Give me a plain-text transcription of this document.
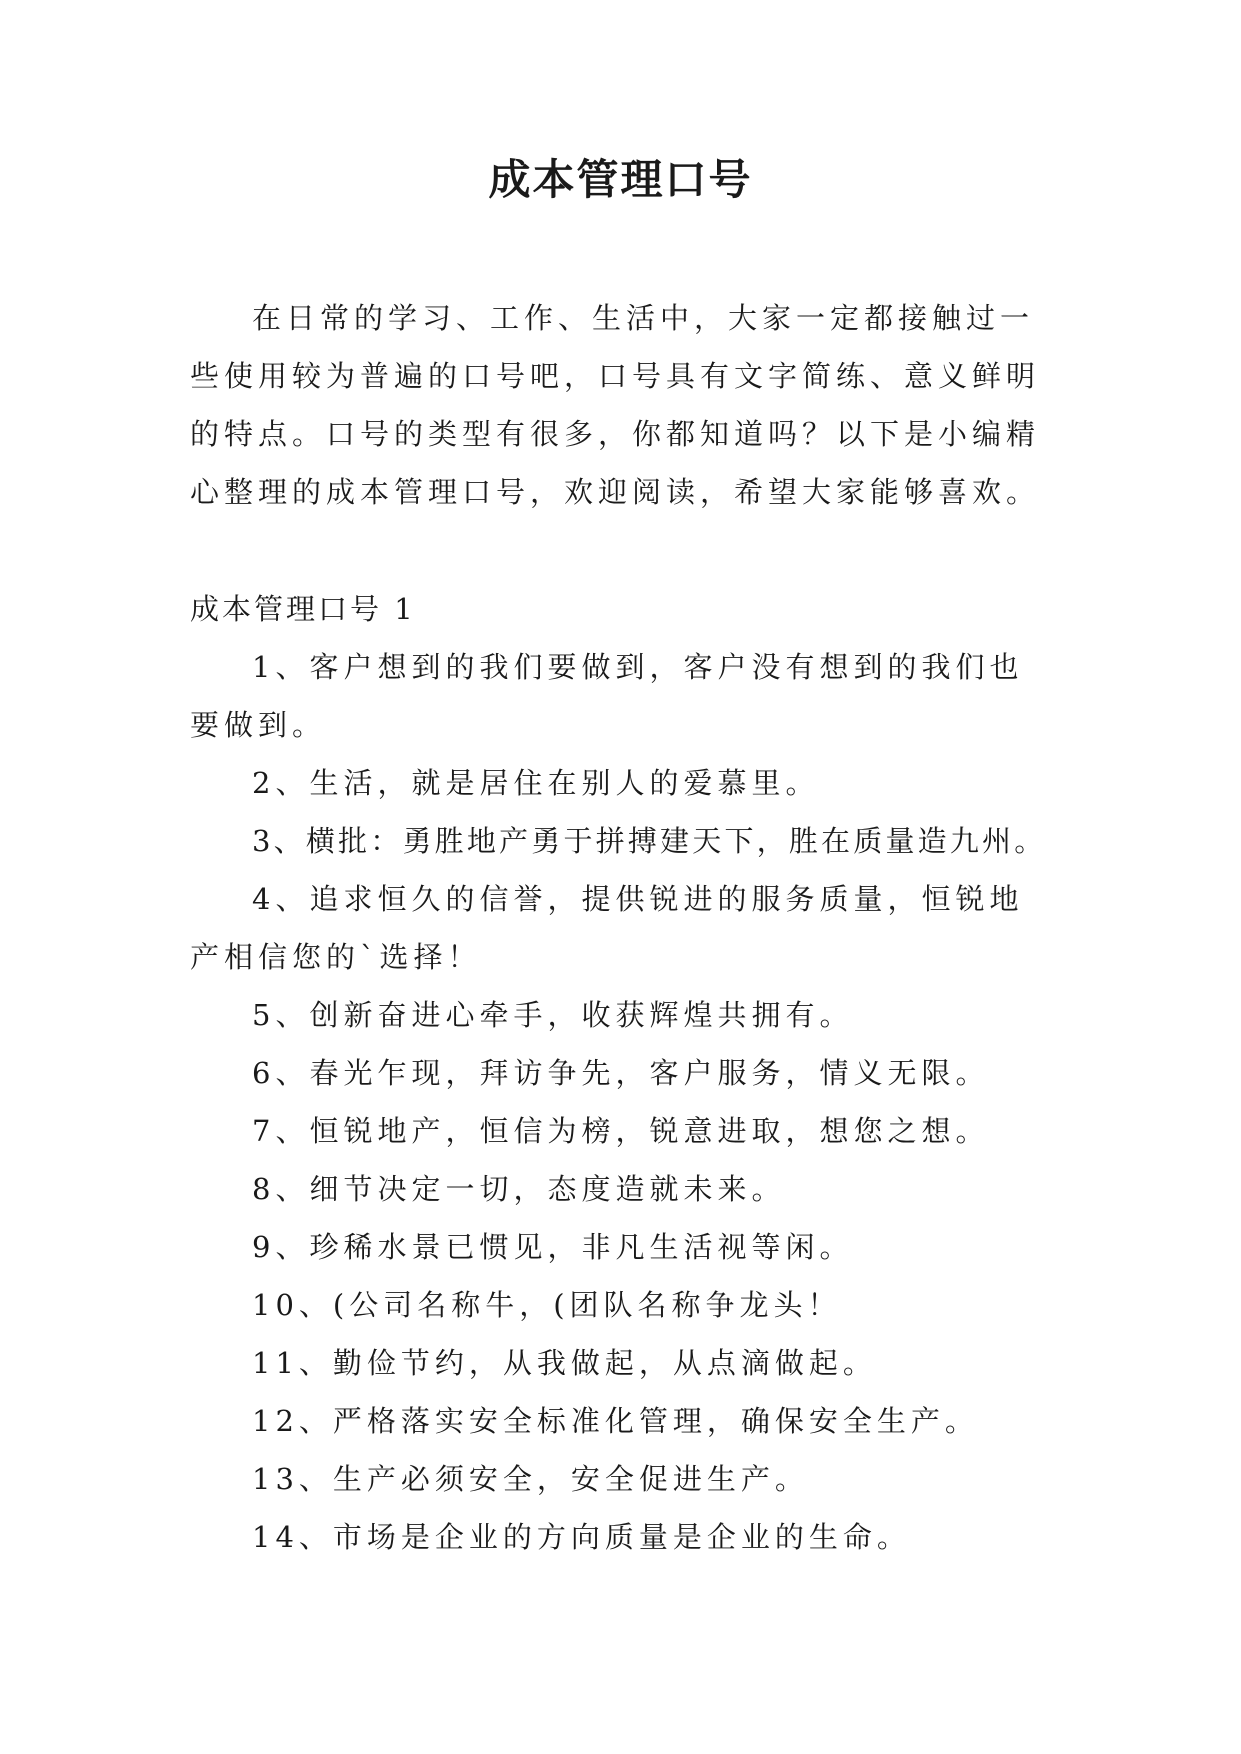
成本管理口号

在日常的学习、工作、生活中，大家一定都接触过一些使用较为普遍的口号吧，口号具有文字简练、意义鲜明的特点。口号的类型有很多，你都知道吗？以下是小编精心整理的成本管理口号，欢迎阅读，希望大家能够喜欢。

成本管理口号 1
1、客户想到的我们要做到，客户没有想到的我们也要做到。
2、生活，就是居住在别人的爱慕里。
3、横批：勇胜地产勇于拼搏建天下，胜在质量造九州。
4、追求恒久的信誉，提供锐进的服务质量，恒锐地产相信您的`选择！
5、创新奋进心牵手，收获辉煌共拥有。
6、春光乍现，拜访争先，客户服务，情义无限。
7、恒锐地产，恒信为榜，锐意进取，想您之想。
8、细节决定一切，态度造就未来。
9、珍稀水景已惯见，非凡生活视等闲。
10、(公司名称牛，(团队名称争龙头！
11、勤俭节约，从我做起，从点滴做起。
12、严格落实安全标准化管理，确保安全生产。
13、生产必须安全，安全促进生产。
14、市场是企业的方向质量是企业的生命。
